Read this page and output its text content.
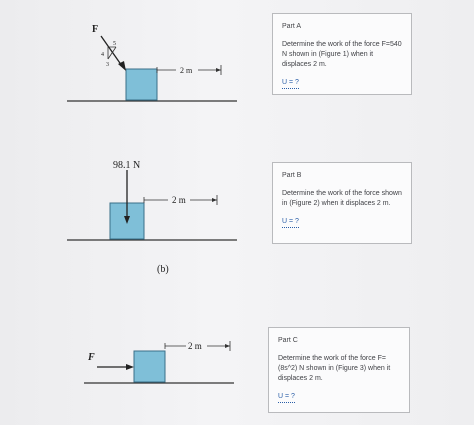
F
4
5
3
2 m
98.1 N
2 m
(b)
F
2 m
Part A
Determine the work of the force F=540 N shown in (Figure 1) when it displaces 2 m.
U = ?
Part B
Determine the work of the force shown in (Figure 2) when it displaces 2 m.
U = ?
Part C
Determine the work of the force F=(8s^2) N shown in (Figure 3) when it displaces 2 m.
U = ?
